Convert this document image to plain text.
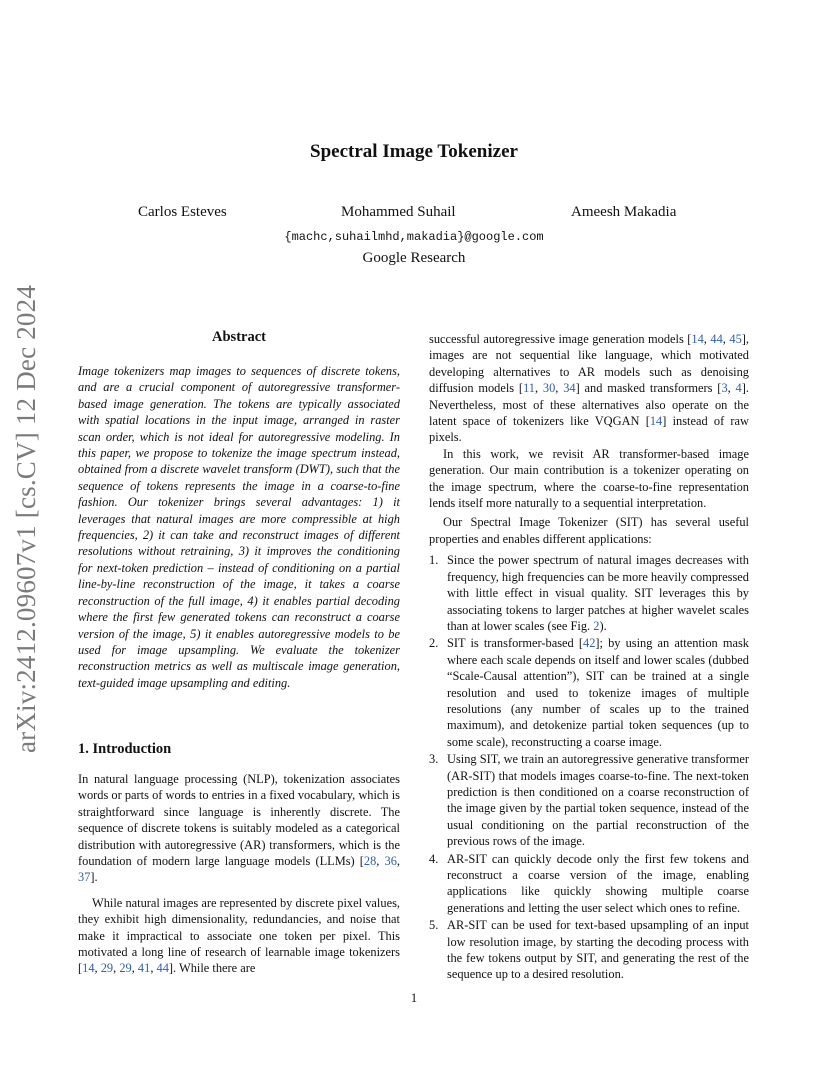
arXiv:2412.09607v1 [cs.CV] 12 Dec 2024
Spectral Image Tokenizer
Carlos Esteves	Mohammed Suhail	Ameesh Makadia
{machc,suhailmhd,makadia}@google.com
Google Research
Abstract

Image tokenizers map images to sequences of discrete tokens, and are a crucial component of autoregressive transformer-based image generation. The tokens are typically associated with spatial locations in the input image, arranged in raster scan order, which is not ideal for autoregressive modeling. In this paper, we propose to tokenize the image spectrum instead, obtained from a discrete wavelet transform (DWT), such that the sequence of tokens represents the image in a coarse-to-fine fashion. Our tokenizer brings several advantages: 1) it leverages that natural images are more compressible at high frequencies, 2) it can take and reconstruct images of different resolutions without retraining, 3) it improves the conditioning for next-token prediction – instead of conditioning on a partial line-by-line reconstruction of the image, it takes a coarse reconstruction of the full image, 4) it enables partial decoding where the first few generated tokens can reconstruct a coarse version of the image, 5) it enables autoregressive models to be used for image upsampling. We evaluate the tokenizer reconstruction metrics as well as multiscale image generation, text-guided image upsampling and editing.

1. Introduction

In natural language processing (NLP), tokenization associates words or parts of words to entries in a fixed vocabulary, which is straightforward since language is inherently discrete. The sequence of discrete tokens is suitably modeled as a categorical distribution with autoregressive (AR) transformers, which is the foundation of modern large language models (LLMs) [28, 36, 37].

While natural images are represented by discrete pixel values, they exhibit high dimensionality, redundancies, and noise that make it impractical to associate one token per pixel. This motivated a long line of research of learnable image tokenizers [14, 29, 29, 41, 44]. While there are

successful autoregressive image generation models [14, 44, 45], images are not sequential like language, which motivated developing alternatives to AR models such as denoising diffusion models [11, 30, 34] and masked transformers [3, 4]. Nevertheless, most of these alternatives also operate on the latent space of tokenizers like VQGAN [14] instead of raw pixels.

In this work, we revisit AR transformer-based image generation. Our main contribution is a tokenizer operating on the image spectrum, where the coarse-to-fine representation lends itself more naturally to a sequential interpretation.

Our Spectral Image Tokenizer (SIT) has several useful properties and enables different applications:

1. Since the power spectrum of natural images decreases with frequency, high frequencies can be more heavily compressed with little effect in visual quality. SIT leverages this by associating tokens to larger patches at higher wavelet scales than at lower scales (see Fig. 2).
2. SIT is transformer-based [42]; by using an attention mask where each scale depends on itself and lower scales (dubbed “Scale-Causal attention”), SIT can be trained at a single resolution and used to tokenize images of multiple resolutions (any number of scales up to the trained maximum), and detokenize partial token sequences (up to some scale), reconstructing a coarse image.
3. Using SIT, we train an autoregressive generative transformer (AR-SIT) that models images coarse-to-fine. The next-token prediction is then conditioned on a coarse reconstruction of the image given by the partial token sequence, instead of the usual conditioning on the partial reconstruction of the previous rows of the image.
4. AR-SIT can quickly decode only the first few tokens and reconstruct a coarse version of the image, enabling applications like quickly showing multiple coarse generations and letting the user select which ones to refine.
5. AR-SIT can be used for text-based upsampling of an input low resolution image, by starting the decoding process with the few tokens output by SIT, and generating the rest of the sequence up to a desired resolution.
1
